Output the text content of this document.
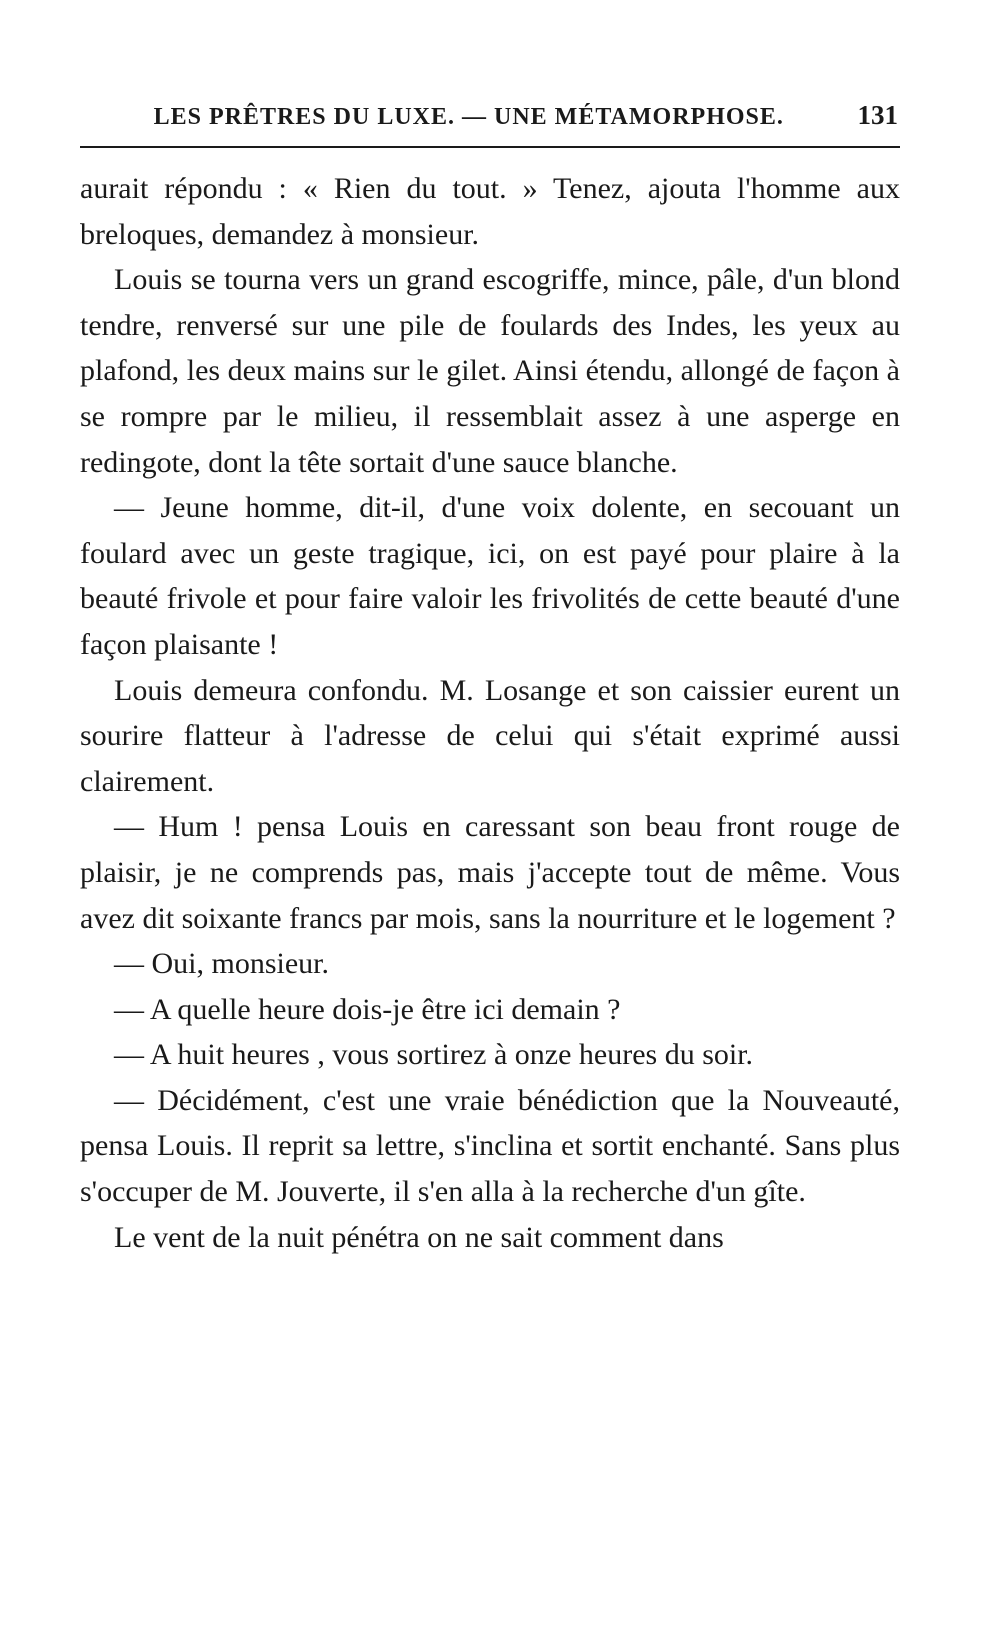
LES PRÊTRES DU LUXE. — UNE MÉTAMORPHOSE.	131

aurait répondu : « Rien du tout. » Tenez, ajouta l'homme aux breloques, demandez à monsieur.

Louis se tourna vers un grand escogriffe, mince, pâle, d'un blond tendre, renversé sur une pile de foulards des Indes, les yeux au plafond, les deux mains sur le gilet. Ainsi étendu, allongé de façon à se rompre par le milieu, il ressemblait assez à une asperge en redingote, dont la tête sortait d'une sauce blanche.

— Jeune homme, dit-il, d'une voix dolente, en secouant un foulard avec un geste tragique, ici, on est payé pour plaire à la beauté frivole et pour faire valoir les frivolités de cette beauté d'une façon plaisante !

Louis demeura confondu. M. Losange et son caissier eurent un sourire flatteur à l'adresse de celui qui s'était exprimé aussi clairement.

— Hum ! pensa Louis en caressant son beau front rouge de plaisir, je ne comprends pas, mais j'accepte tout de même. Vous avez dit soixante francs par mois, sans la nourriture et le logement ?

— Oui, monsieur.

— A quelle heure dois-je être ici demain ?

— A huit heures , vous sortirez à onze heures du soir.

— Décidément, c'est une vraie bénédiction que la Nouveauté, pensa Louis. Il reprit sa lettre, s'inclina et sortit enchanté. Sans plus s'occuper de M. Jouverte, il s'en alla à la recherche d'un gîte.

Le vent de la nuit pénétra on ne sait comment dans
